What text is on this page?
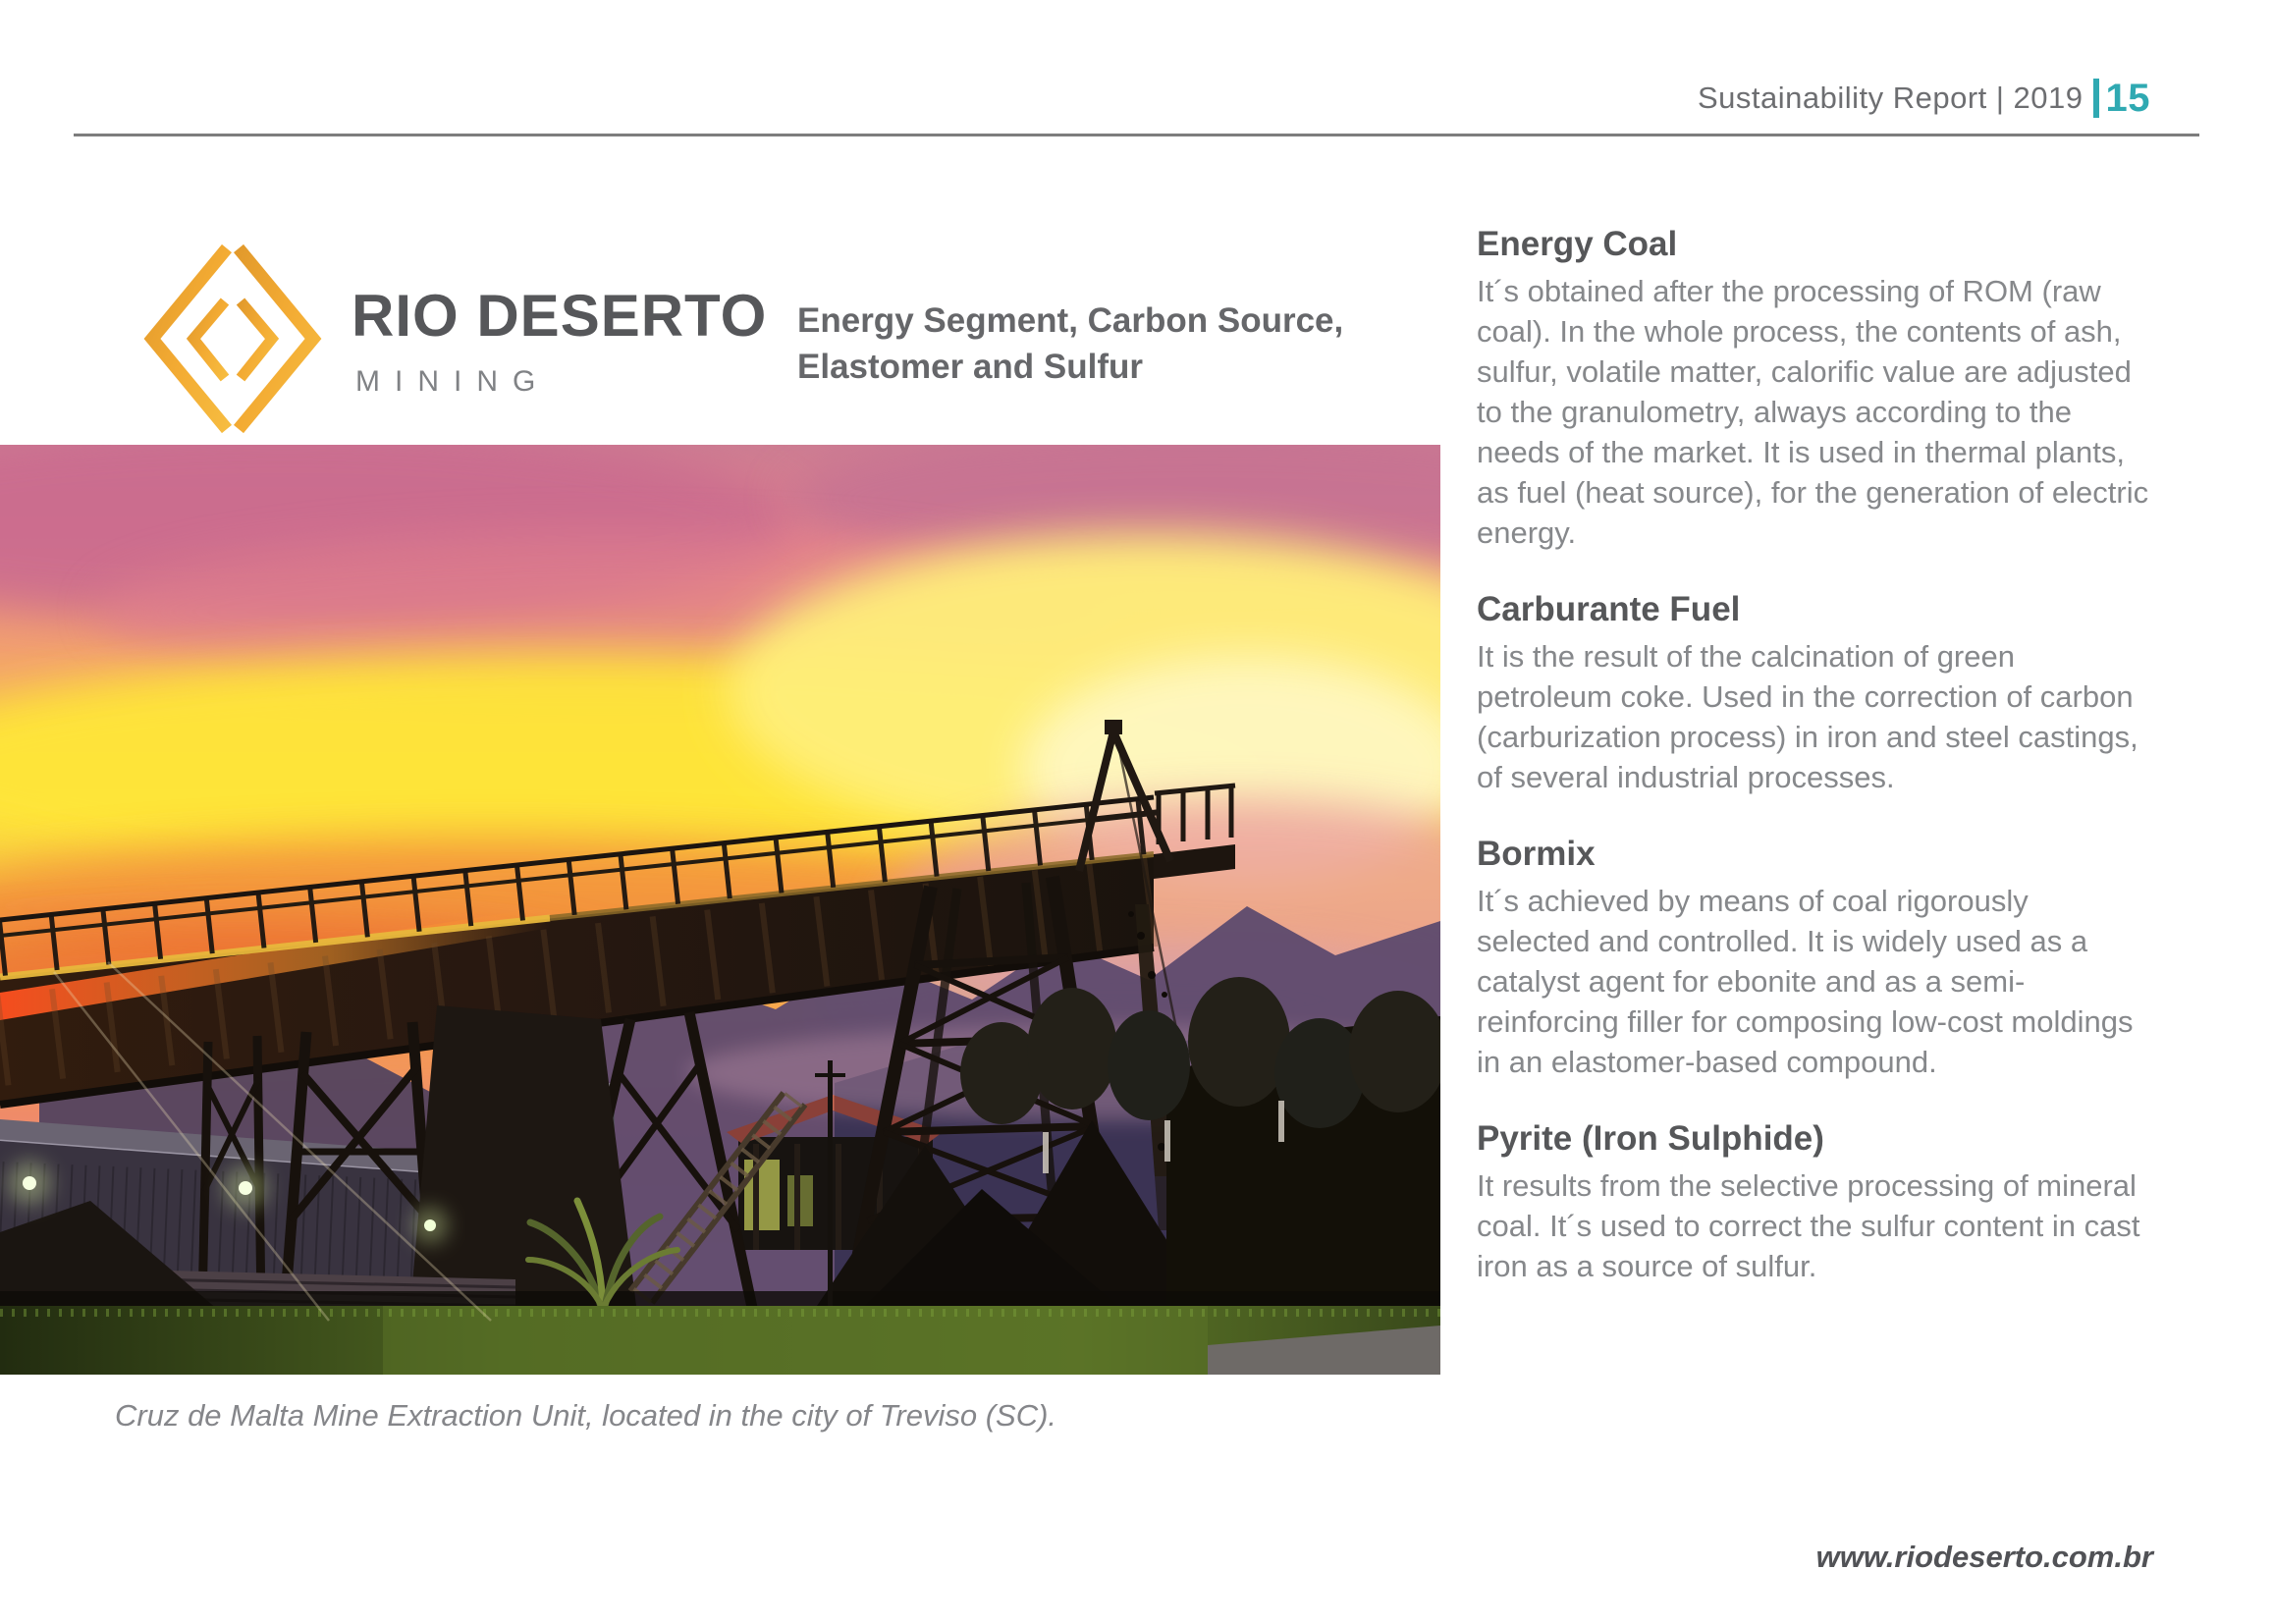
Sustainability Report | 2019 15
RIO DESERTO
MINING
Energy Segment, Carbon Source,
Elastomer and Sulfur
Cruz de Malta Mine Extraction Unit, located in the city of Treviso (SC).
Energy Coal

It´s obtained after the processing of ROM (raw coal). In the whole process, the contents of ash, sulfur, volatile matter, calorific value are adjusted to the granulometry, always according to the needs of the market. It is used in thermal plants, as fuel (heat source), for the generation of electric energy.

Carburante Fuel

It is the result of the calcination of green petroleum coke. Used in the correction of carbon (carburization process) in iron and steel castings, of several industrial processes.

Bormix

It´s achieved by means of coal rigorously selected and controlled. It is widely used as a catalyst agent for ebonite and as a semi-reinforcing filler for composing low-cost moldings in an elastomer-based compound.

Pyrite (Iron Sulphide)

It results from the selective processing of mineral coal. It´s used to correct the sulfur content in cast iron as a source of sulfur.

www.riodeserto.com.br
